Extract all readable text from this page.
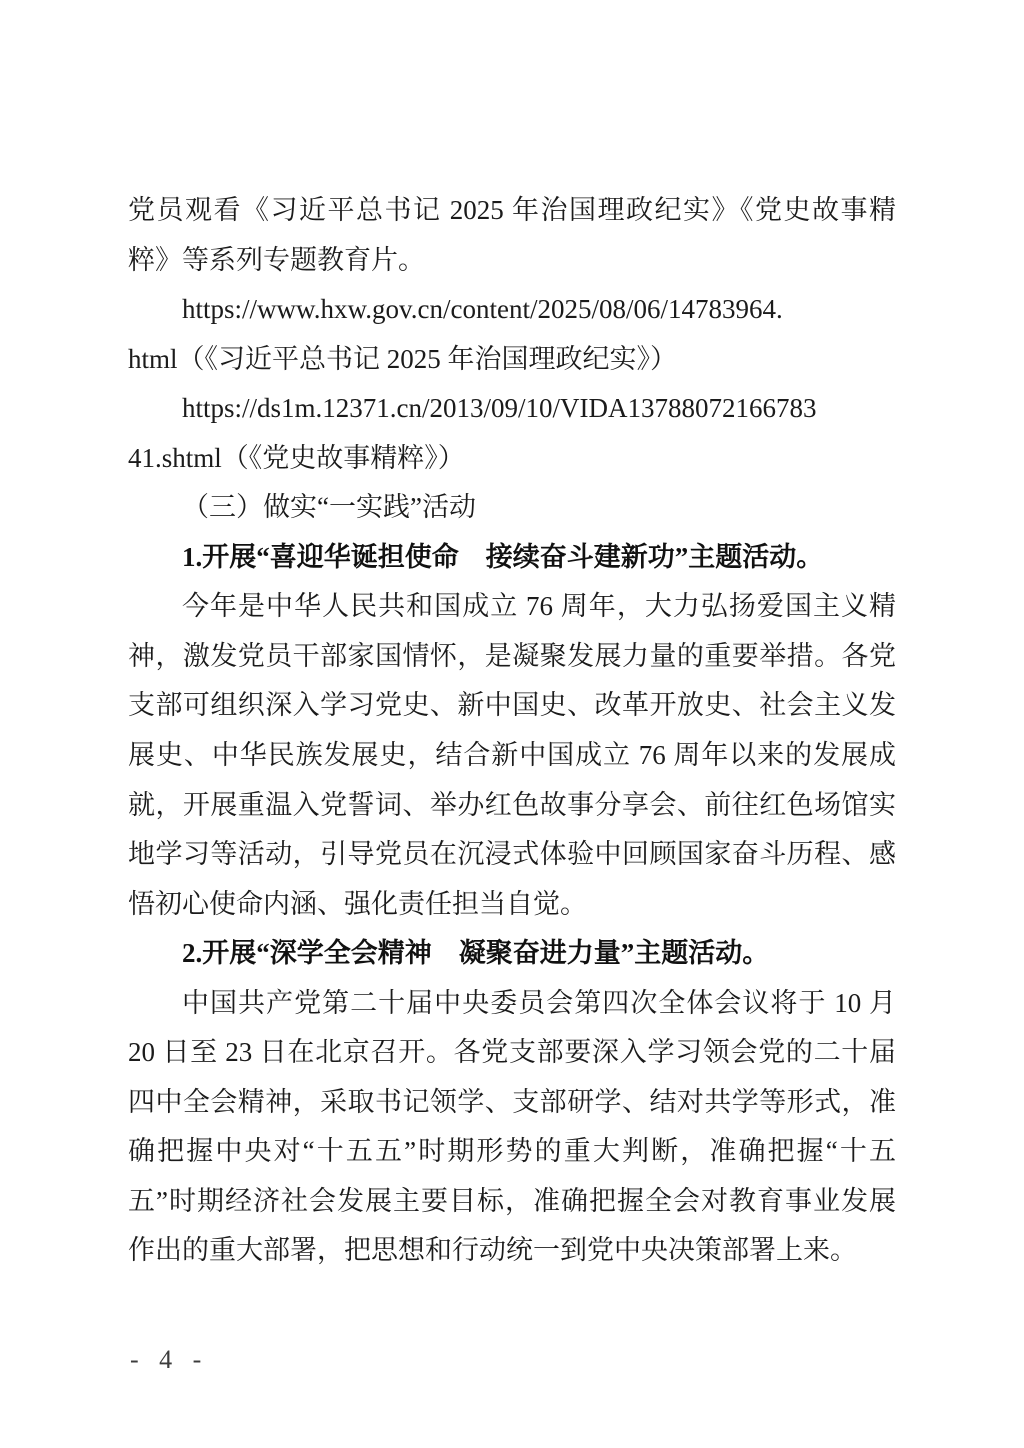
党员观看《习近平总书记 2025 年治国理政纪实》《党史故事精
粹》等系列专题教育片。
https://www.hxw.gov.cn/content/2025/08/06/14783964.
html（《习近平总书记 2025 年治国理政纪实》）
https://ds1m.12371.cn/2013/09/10/VIDA13788072166783
41.shtml（《党史故事精粹》）
（三）做实“一实践”活动
1.开展“喜迎华诞担使命　接续奋斗建新功”主题活动。
今年是中华人民共和国成立 76 周年，大力弘扬爱国主义精
神，激发党员干部家国情怀，是凝聚发展力量的重要举措。各党
支部可组织深入学习党史、新中国史、改革开放史、社会主义发
展史、中华民族发展史，结合新中国成立 76 周年以来的发展成
就，开展重温入党誓词、举办红色故事分享会、前往红色场馆实
地学习等活动，引导党员在沉浸式体验中回顾国家奋斗历程、感
悟初心使命内涵、强化责任担当自觉。
2.开展“深学全会精神　凝聚奋进力量”主题活动。
中国共产党第二十届中央委员会第四次全体会议将于 10 月
20 日至 23 日在北京召开。各党支部要深入学习领会党的二十届
四中全会精神，采取书记领学、支部研学、结对共学等形式，准
确把握中央对“十五五”时期形势的重大判断，准确把握“十五
五”时期经济社会发展主要目标，准确把握全会对教育事业发展
作出的重大部署，把思想和行动统一到党中央决策部署上来。
- 4 -
